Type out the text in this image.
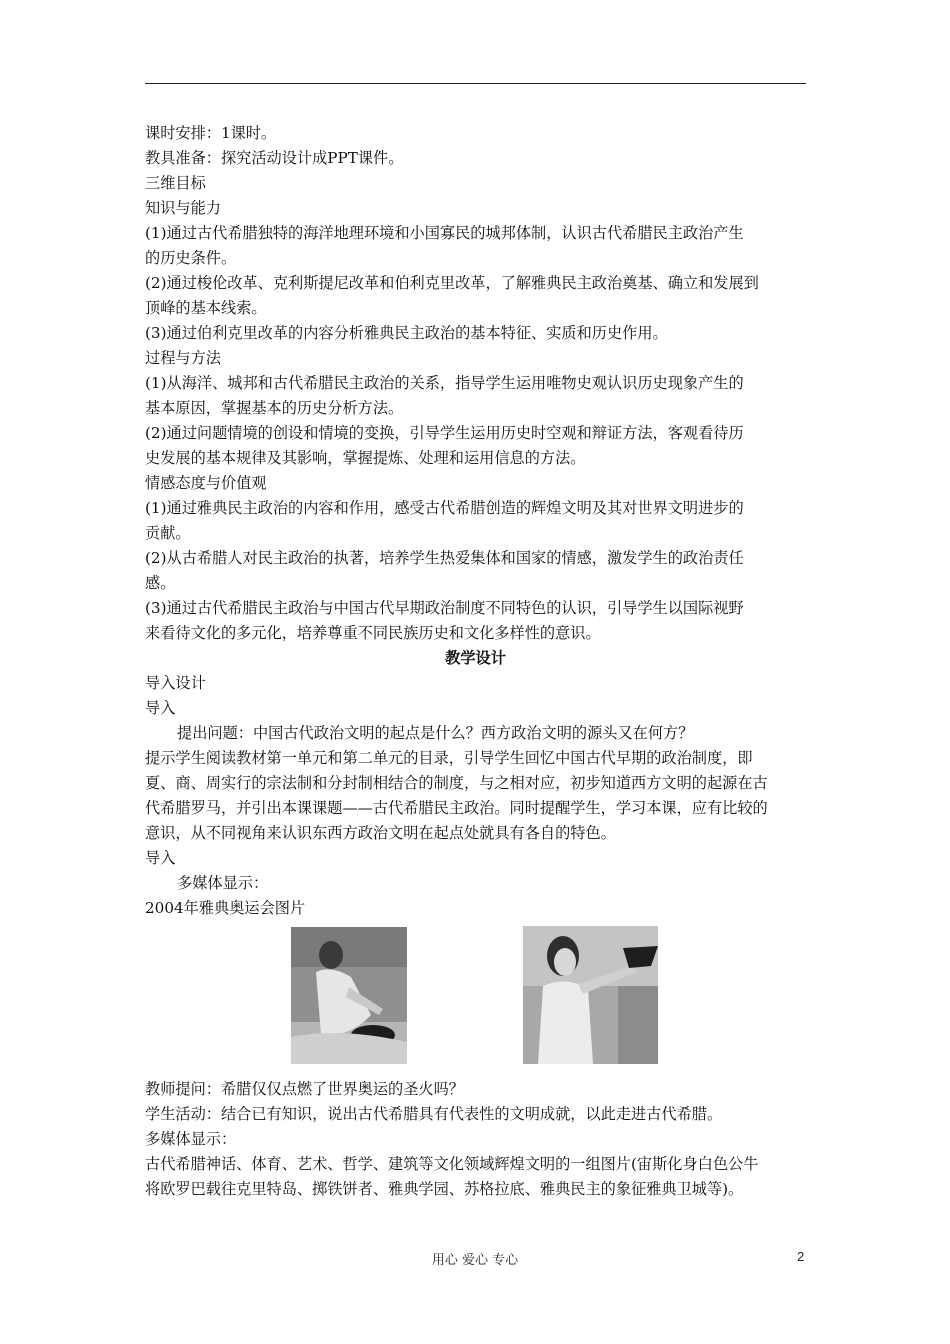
课时安排：1课时。
教具准备：探究活动设计成PPT课件。
三维目标
知识与能力
(1)通过古代希腊独特的海洋地理环境和小国寡民的城邦体制，认识古代希腊民主政治产生
的历史条件。
(2)通过梭伦改革、克利斯提尼改革和伯利克里改革，了解雅典民主政治奠基、确立和发展到
顶峰的基本线索。
(3)通过伯利克里改革的内容分析雅典民主政治的基本特征、实质和历史作用。
过程与方法
(1)从海洋、城邦和古代希腊民主政治的关系，指导学生运用唯物史观认识历史现象产生的
基本原因，掌握基本的历史分析方法。
(2)通过问题情境的创设和情境的变换，引导学生运用历史时空观和辩证方法，客观看待历
史发展的基本规律及其影响，掌握提炼、处理和运用信息的方法。
情感态度与价值观
(1)通过雅典民主政治的内容和作用，感受古代希腊创造的辉煌文明及其对世界文明进步的
贡献。
(2)从古希腊人对民主政治的执著，培养学生热爱集体和国家的情感，激发学生的政治责任
感。
(3)通过古代希腊民主政治与中国古代早期政治制度不同特色的认识，引导学生以国际视野
来看待文化的多元化，培养尊重不同民族历史和文化多样性的意识。
教学设计
导入设计
导入
提出问题：中国古代政治文明的起点是什么？西方政治文明的源头又在何方？
提示学生阅读教材第一单元和第二单元的目录，引导学生回忆中国古代早期的政治制度，即
夏、商、周实行的宗法制和分封制相结合的制度，与之相对应，初步知道西方文明的起源在古
代希腊罗马，并引出本课课题——古代希腊民主政治。同时提醒学生，学习本课，应有比较的
意识，从不同视角来认识东西方政治文明在起点处就具有各自的特色。
导入
多媒体显示：
2004年雅典奥运会图片
教师提问：希腊仅仅点燃了世界奥运的圣火吗？
学生活动：结合已有知识，说出古代希腊具有代表性的文明成就，以此走进古代希腊。
多媒体显示：
古代希腊神话、体育、艺术、哲学、建筑等文化领域辉煌文明的一组图片(宙斯化身白色公牛
将欧罗巴载往克里特岛、掷铁饼者、雅典学园、苏格拉底、雅典民主的象征雅典卫城等)。
用心 爱心 专心	2
